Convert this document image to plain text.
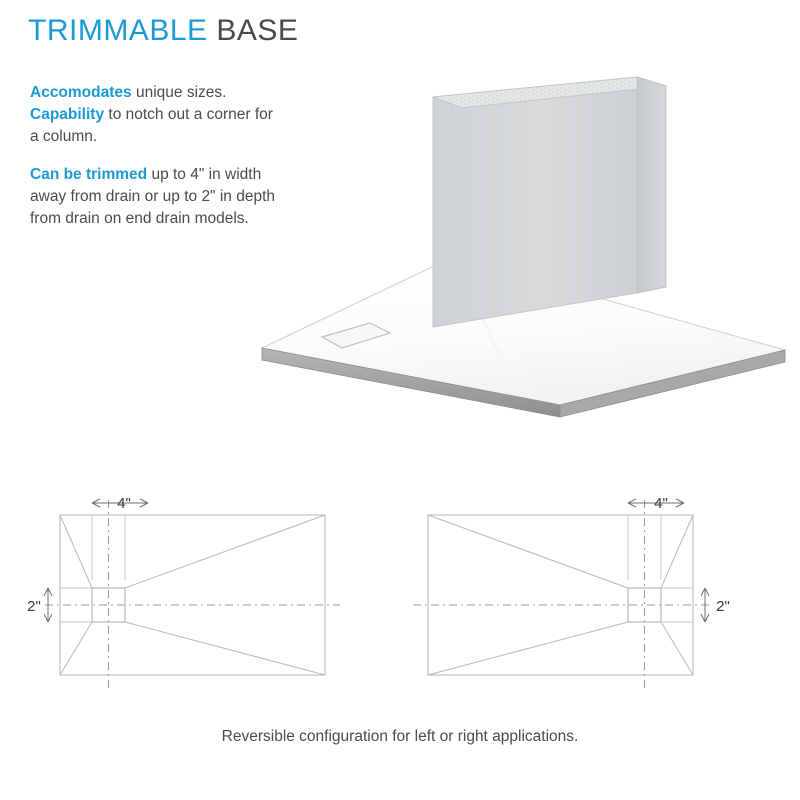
TRIMMABLE BASE

Accomodates unique sizes.
Capability to notch out a corner for a column.

Can be trimmed up to 4" in width away from drain or up to 2" in depth from drain on end drain models.

4"
2"
4"
2"
Reversible configuration for left or right applications.
